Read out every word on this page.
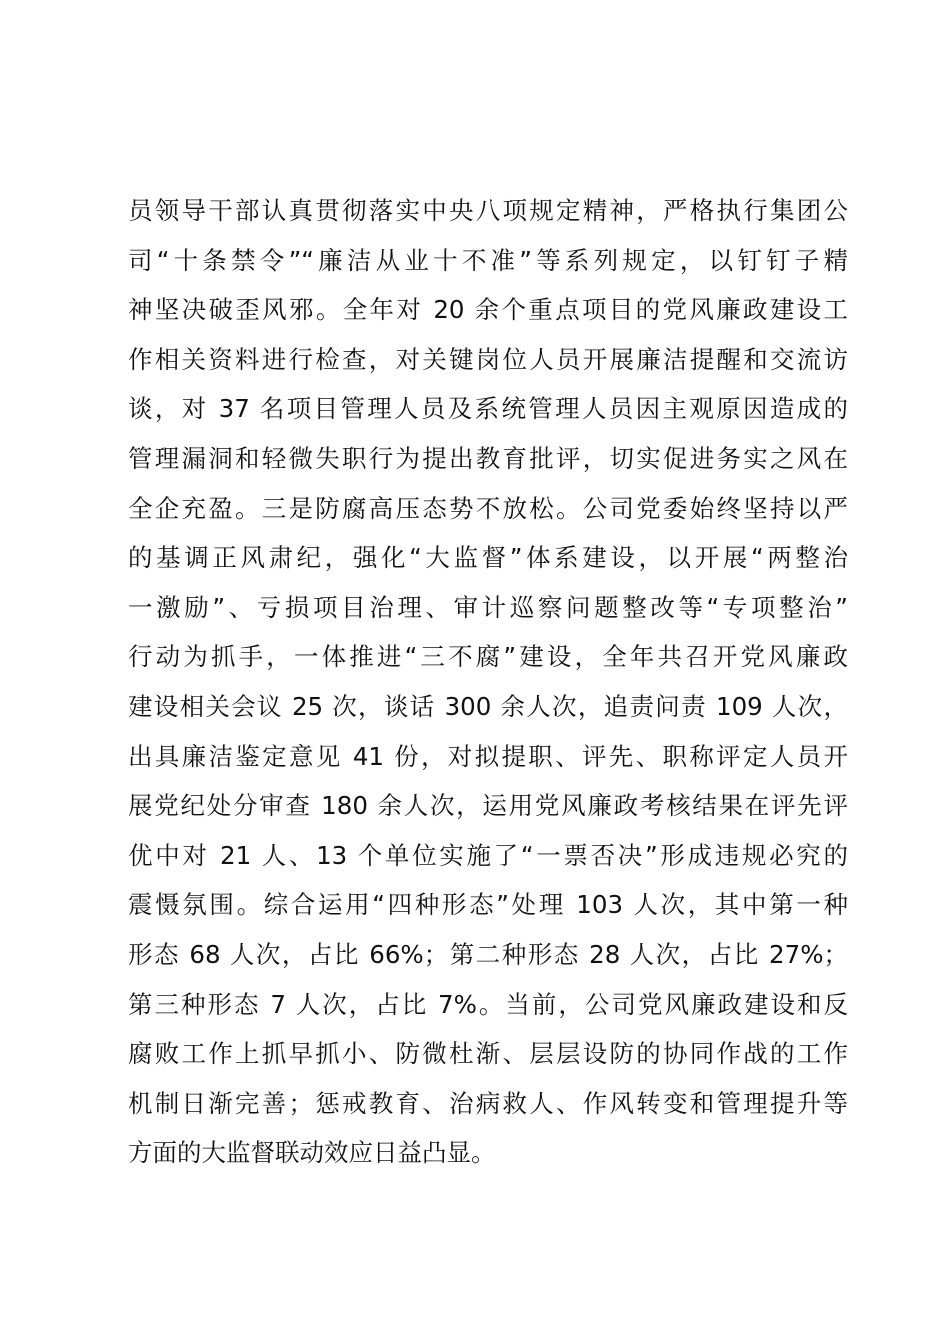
员领导干部认真贯彻落实中央八项规定精神，严格执行集团公
司“十条禁令”“廉洁从业十不准”等系列规定，以钉钉子精
神坚决破歪风邪。全年对 20 余个重点项目的党风廉政建设工
作相关资料进行检查，对关键岗位人员开展廉洁提醒和交流访
谈，对 37 名项目管理人员及系统管理人员因主观原因造成的
管理漏洞和轻微失职行为提出教育批评，切实促进务实之风在
全企充盈。三是防腐高压态势不放松。公司党委始终坚持以严
的基调正风肃纪，强化“大监督”体系建设，以开展“两整治
一激励”、亏损项目治理、审计巡察问题整改等“专项整治”
行动为抓手，一体推进“三不腐”建设，全年共召开党风廉政
建设相关会议 25 次，谈话 300 余人次，追责问责 109 人次，
出具廉洁鉴定意见 41 份，对拟提职、评先、职称评定人员开
展党纪处分审查 180 余人次，运用党风廉政考核结果在评先评
优中对 21 人、13 个单位实施了“一票否决”形成违规必究的
震慑氛围。综合运用“四种形态”处理 103 人次，其中第一种
形态 68 人次，占比 66%；第二种形态 28 人次，占比 27%；
第三种形态 7 人次，占比 7%。当前，公司党风廉政建设和反
腐败工作上抓早抓小、防微杜渐、层层设防的协同作战的工作
机制日渐完善；惩戒教育、治病救人、作风转变和管理提升等
方面的大监督联动效应日益凸显。
